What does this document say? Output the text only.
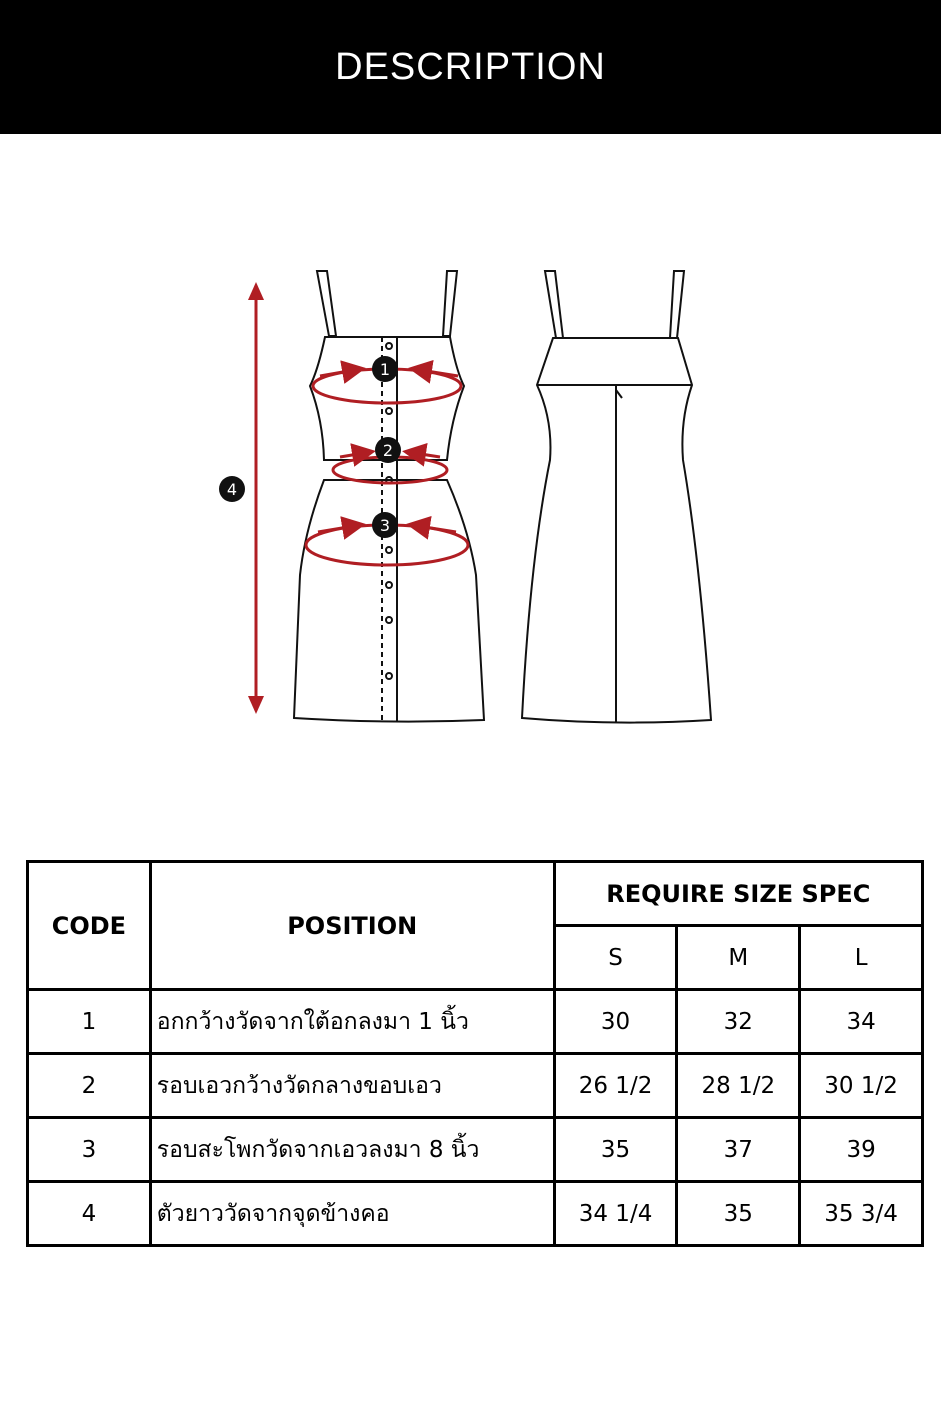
DESCRIPTION
4
1
2
3
CODE	POSITION	REQUIRE SIZE SPEC		
		S	M	L
1	อกกว้างวัดจากใต้อกลงมา 1 นิ้ว	30	32	34
2	รอบเอวกว้างวัดกลางขอบเอว	26 1/2	28 1/2	30 1/2
3	รอบสะโพกวัดจากเอวลงมา 8 นิ้ว	35	37	39
4	ตัวยาววัดจากจุดข้างคอ	34 1/4	35	35 3/4
